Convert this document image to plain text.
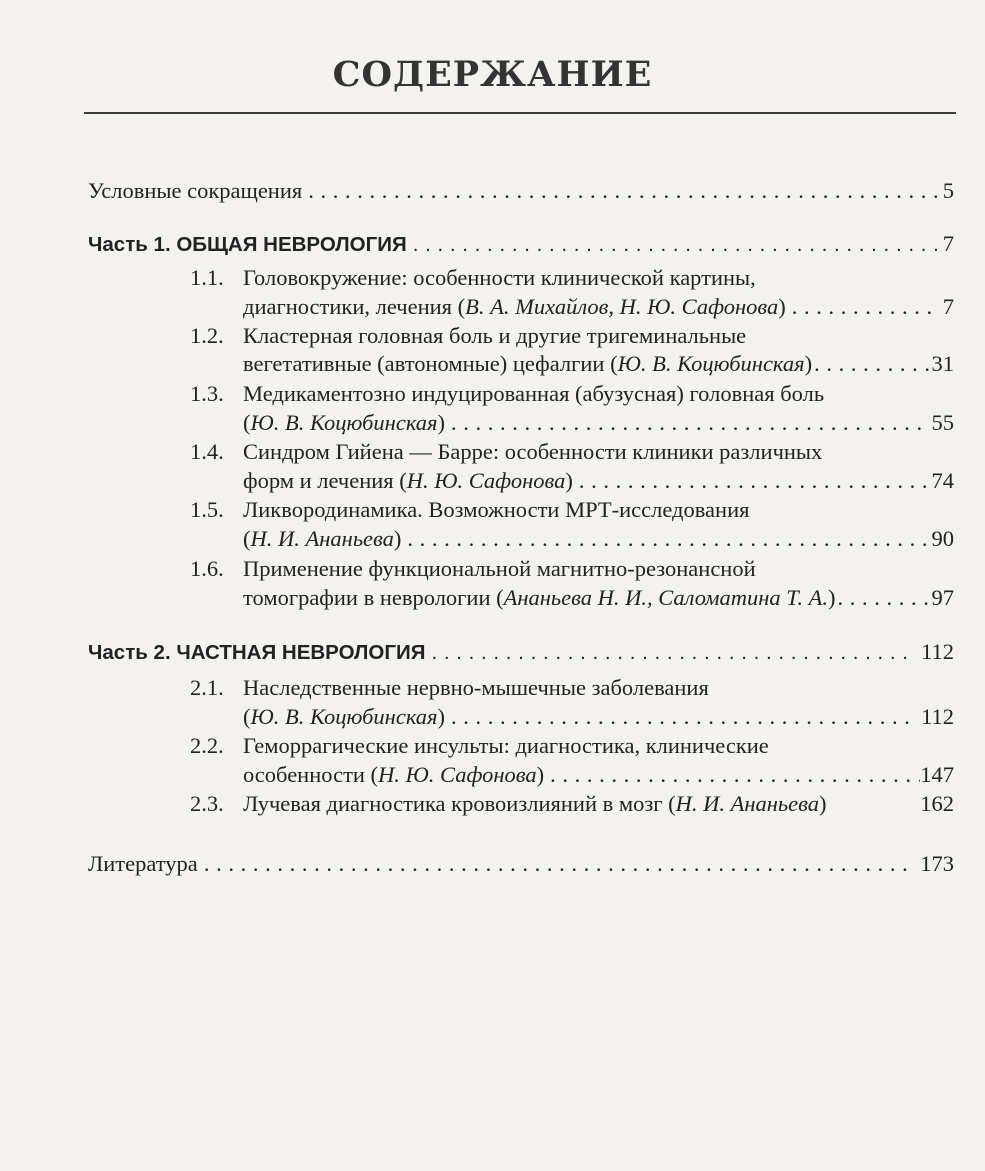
СОДЕРЖАНИЕ
Условные сокращения . . .	5
Часть 1. ОБЩАЯ НЕВРОЛОГИЯ . . .	7
1.1. Головокружение: особенности клинической картины,
диагностики, лечения (В. А. Михайлов, Н. Ю. Сафонова) . . .	7
1.2. Кластерная головная боль и другие тригеминальные
вегетативные (автономные) цефалгии (Ю. В. Коцюбинская) . . .	31
1.3. Медикаментозно индуцированная (абузусная) головная боль
(Ю. В. Коцюбинская) . . .	55
1.4. Синдром Гийена — Барре: особенности клиники различных
форм и лечения (Н. Ю. Сафонова) . . .	74
1.5. Ликвородинамика. Возможности МРТ-исследования
(Н. И. Ананьева) . . .	90
1.6. Применение функциональной магнитно-резонансной
томографии в неврологии (Ананьева Н. И., Саломатина Т. А.) . . .	97
Часть 2. ЧАСТНАЯ НЕВРОЛОГИЯ . . .	112
2.1. Наследственные нервно-мышечные заболевания
(Ю. В. Коцюбинская) . . .	112
2.2. Геморрагические инсульты: диагностика, клинические
особенности (Н. Ю. Сафонова) . . .	147
2.3. Лучевая диагностика кровоизлияний в мозг (Н. И. Ананьева)	162
Литература . . .	173
